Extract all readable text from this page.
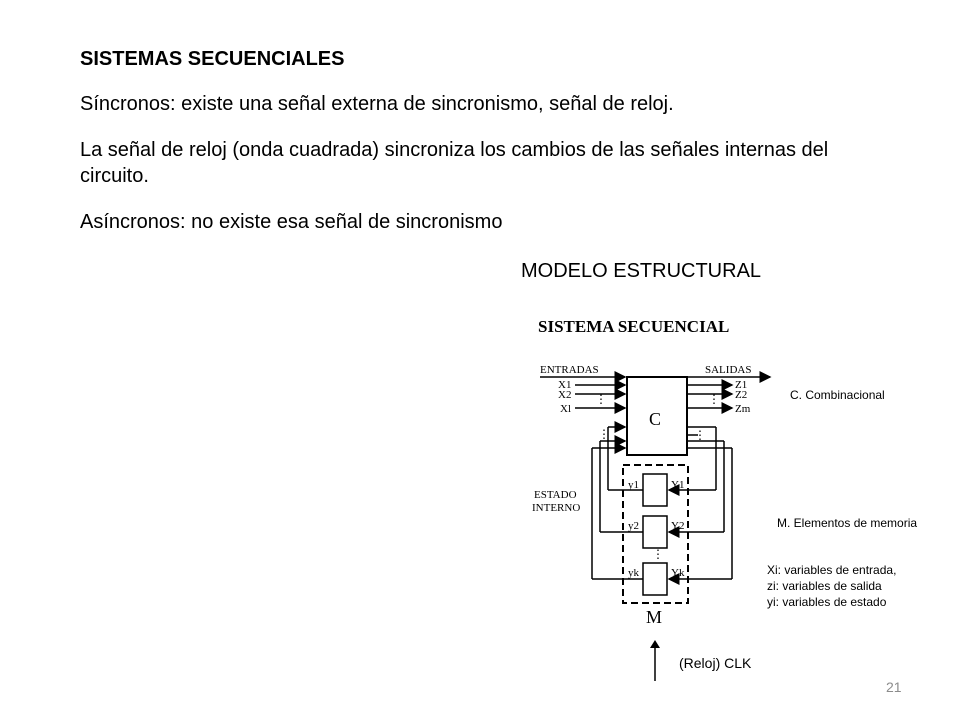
SISTEMAS SECUENCIALES
Síncronos: existe una señal externa de sincronismo, señal de reloj.
La señal de reloj (onda cuadrada) sincroniza los cambios de las señales internas del circuito.
Asíncronos: no existe esa señal de sincronismo
MODELO ESTRUCTURAL
SISTEMA SECUENCIAL
C
ENTRADAS	SALIDAS
X1
X2
Xl
Z1
Z2
Zm
⋮	⋮
M
⋮
y1
y2
yk
Y1
Y2
Yk
⋮
⋮
ESTADO
INTERNO
C. Combinacional
M. Elementos de memoria
Xi: variables de entrada,
zi: variables de salida
yi: variables de estado
(Reloj) CLK
21
